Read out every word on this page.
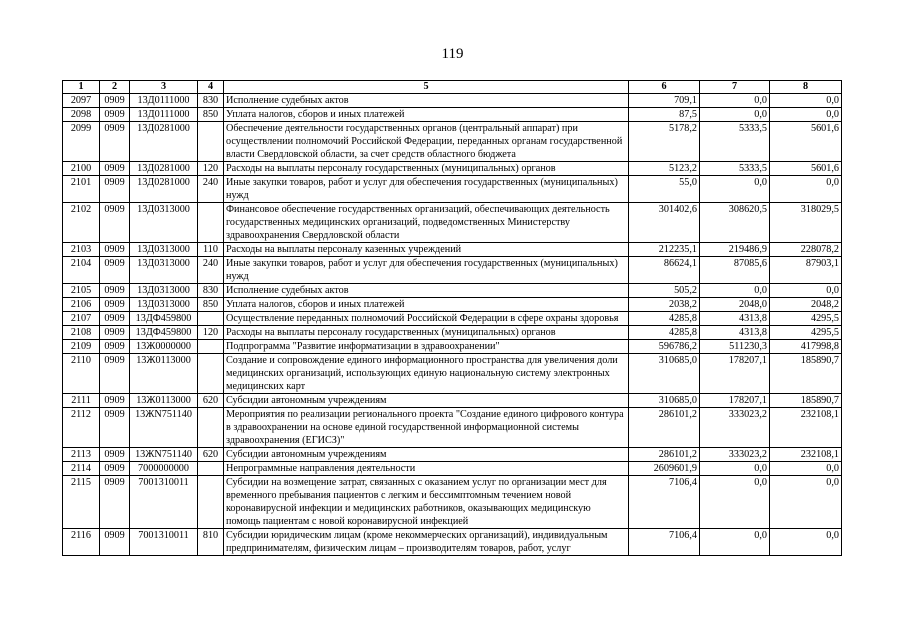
119
1	2	3	4	5	6	7	8
2097	0909	13Д0111000	830	Исполнение судебных актов	709,1	0,0	0,0
2098	0909	13Д0111000	850	Уплата налогов, сборов и иных платежей	87,5	0,0	0,0
2099	0909	13Д0281000		Обеспечение деятельности государственных органов (центральный аппарат) при осуществлении полномочий Российской Федерации, переданных органам государственной власти Свердловской области, за счет средств областного бюджета	5178,2	5333,5	5601,6
2100	0909	13Д0281000	120	Расходы на выплаты персоналу государственных (муниципальных) органов	5123,2	5333,5	5601,6
2101	0909	13Д0281000	240	Иные закупки товаров, работ и услуг для обеспечения государственных (муниципальных) нужд	55,0	0,0	0,0
2102	0909	13Д0313000		Финансовое обеспечение государственных организаций, обеспечивающих деятельность государственных медицинских организаций, подведомственных Министерству здравоохранения Свердловской области	301402,6	308620,5	318029,5
2103	0909	13Д0313000	110	Расходы на выплаты персоналу казенных учреждений	212235,1	219486,9	228078,2
2104	0909	13Д0313000	240	Иные закупки товаров, работ и услуг для обеспечения государственных (муниципальных) нужд	86624,1	87085,6	87903,1
2105	0909	13Д0313000	830	Исполнение судебных актов	505,2	0,0	0,0
2106	0909	13Д0313000	850	Уплата налогов, сборов и иных платежей	2038,2	2048,0	2048,2
2107	0909	13ДФ459800		Осуществление переданных полномочий Российской Федерации в сфере охраны здоровья	4285,8	4313,8	4295,5
2108	0909	13ДФ459800	120	Расходы на выплаты персоналу государственных (муниципальных) органов	4285,8	4313,8	4295,5
2109	0909	13Ж0000000		Подпрограмма "Развитие информатизации в здравоохранении"	596786,2	511230,3	417998,8
2110	0909	13Ж0113000		Создание и сопровождение единого информационного пространства для увеличения доли медицинских организаций, использующих единую национальную систему электронных медицинских карт	310685,0	178207,1	185890,7
2111	0909	13Ж0113000	620	Субсидии автономным учреждениям	310685,0	178207,1	185890,7
2112	0909	13ЖN751140		Мероприятия по реализации регионального проекта "Создание единого цифрового контура в здравоохранении на основе единой государственной информационной системы здравоохранения (ЕГИСЗ)"	286101,2	333023,2	232108,1
2113	0909	13ЖN751140	620	Субсидии автономным учреждениям	286101,2	333023,2	232108,1
2114	0909	7000000000		Непрограммные направления деятельности	2609601,9	0,0	0,0
2115	0909	7001310011		Субсидии на возмещение затрат, связанных с оказанием услуг по организации мест для временного пребывания пациентов с легким и бессимптомным течением новой коронавирусной инфекции и медицинских работников, оказывающих медицинскую помощь пациентам с новой коронавирусной инфекцией	7106,4	0,0	0,0
2116	0909	7001310011	810	Субсидии юридическим лицам (кроме некоммерческих организаций), индивидуальным предпринимателям, физическим лицам – производителям товаров, работ, услуг	7106,4	0,0	0,0
